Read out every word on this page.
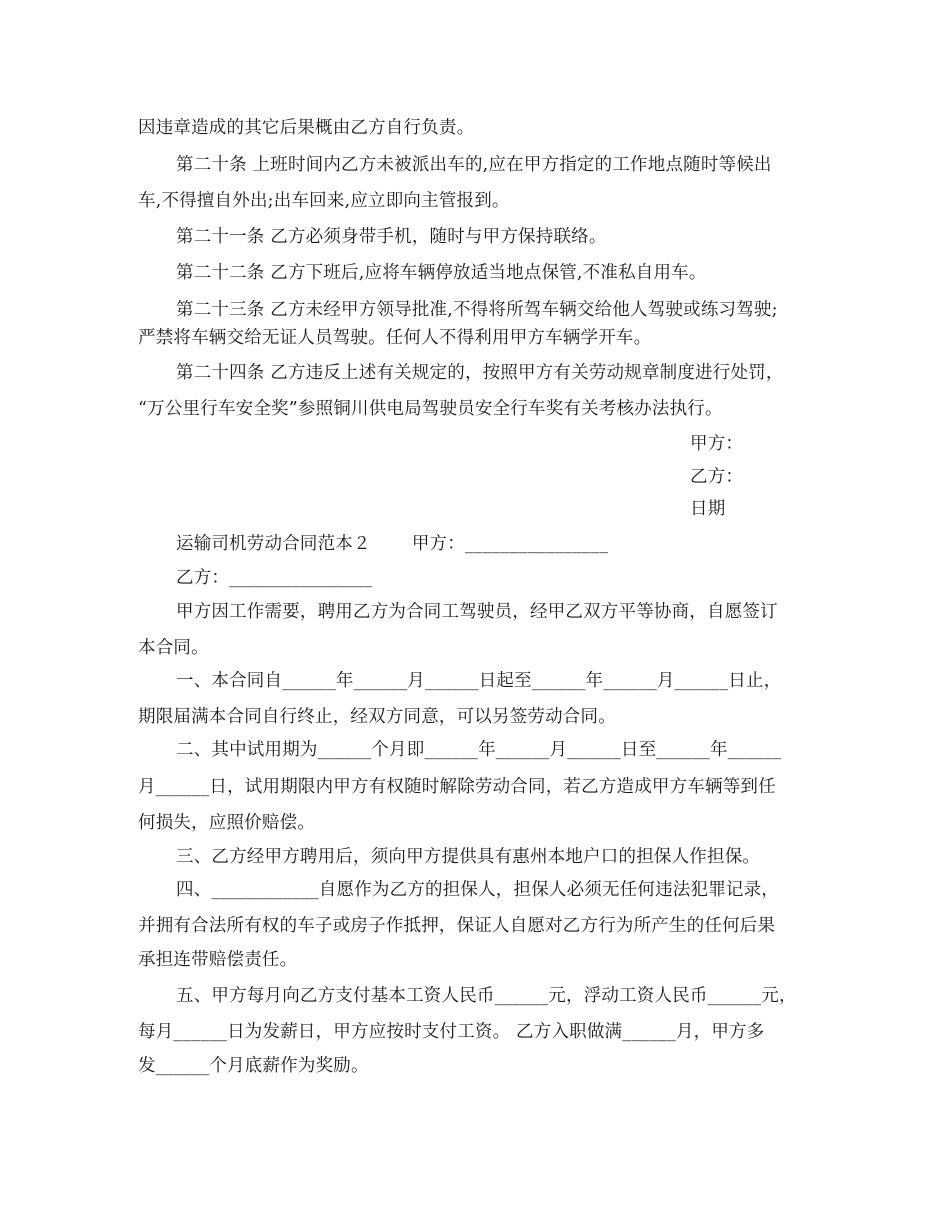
因违章造成的其它后果概由乙方自行负责。
第二十条 上班时间内乙方未被派出车的,应在甲方指定的工作地点随时等候出
车,不得擅自外出;出车回来,应立即向主管报到。
第二十一条 乙方必须身带手机，随时与甲方保持联络。
第二十二条 乙方下班后,应将车辆停放适当地点保管,不准私自用车。
第二十三条 乙方未经甲方领导批准,不得将所驾车辆交给他人驾驶或练习驾驶;
严禁将车辆交给无证人员驾驶。任何人不得利用甲方车辆学开车。
第二十四条 乙方违反上述有关规定的，按照甲方有关劳动规章制度进行处罚，
“万公里行车安全奖”参照铜川供电局驾驶员安全行车奖有关考核办法执行。
甲方：
乙方：
日期
运输司机劳动合同范本２　　 甲方：________________
乙方：________________
甲方因工作需要，聘用乙方为合同工驾驶员，经甲乙双方平等协商，自愿签订
本合同。
一、本合同自______年______月______日起至______年______月______日止，
期限届满本合同自行终止，经双方同意，可以另签劳动合同。
二、其中试用期为______个月即______年______月______日至______年______
月______日，试用期限内甲方有权随时解除劳动合同，若乙方造成甲方车辆等到任
何损失，应照价赔偿。
三、乙方经甲方聘用后，须向甲方提供具有惠州本地户口的担保人作担保。
四、____________自愿作为乙方的担保人，担保人必须无任何违法犯罪记录，
并拥有合法所有权的车子或房子作抵押，保证人自愿对乙方行为所产生的任何后果
承担连带赔偿责任。
五、甲方每月向乙方支付基本工资人民币______元，浮动工资人民币______元，
每月______日为发薪日，甲方应按时支付工资。 乙方入职做满______月，甲方多
发______个月底薪作为奖励。
